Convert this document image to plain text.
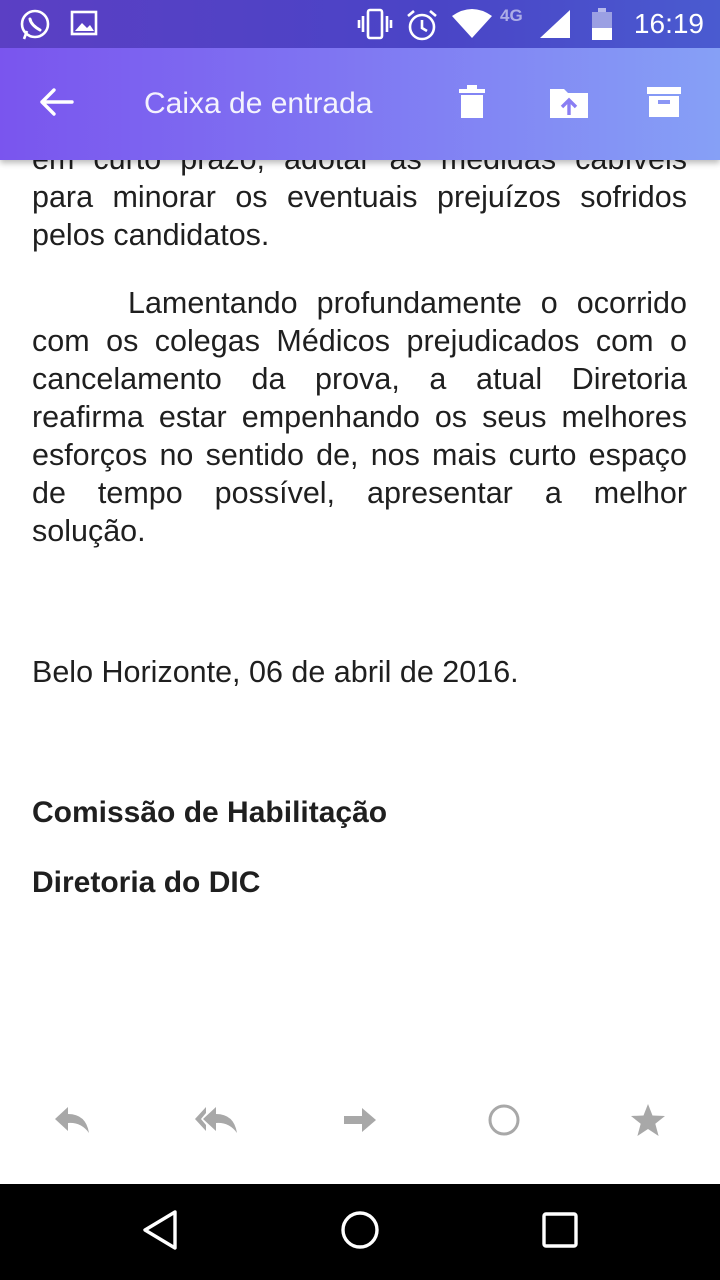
4G	16:19
Caixa de entrada

para minorar os eventuais prejuízos sofridos pelos candidatos.

Lamentando profundamente o ocorrido com os colegas Médicos prejudicados com o cancelamento da prova, a atual Diretoria reafirma estar empenhando os seus melhores esforços no sentido de, nos mais curto espaço de tempo possível, apresentar a melhor solução.

Belo Horizonte, 06 de abril de 2016.
Comissão de Habilitação
Diretoria do DIC
